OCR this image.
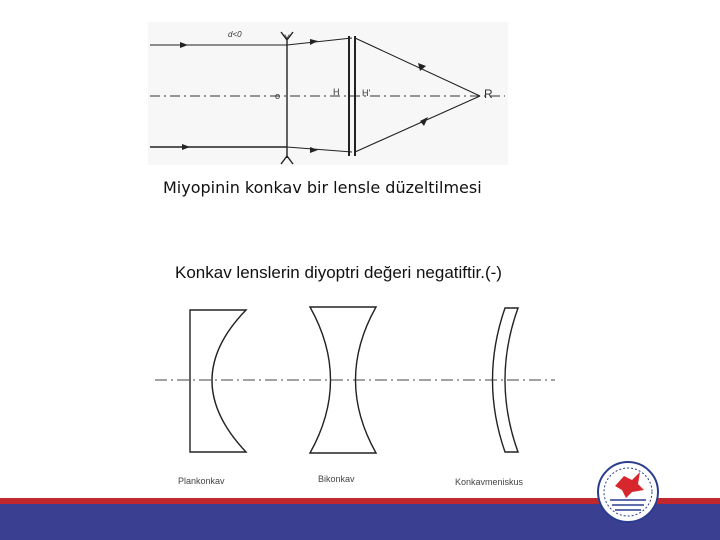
d<0	Y
o	H	H'	R
Miyopinin konkav bir lensle düzeltilmesi
Konkav lenslerin diyoptri değeri negatiftir.(-)
Plankonkav	Bikonkav	Konkavmeniskus
